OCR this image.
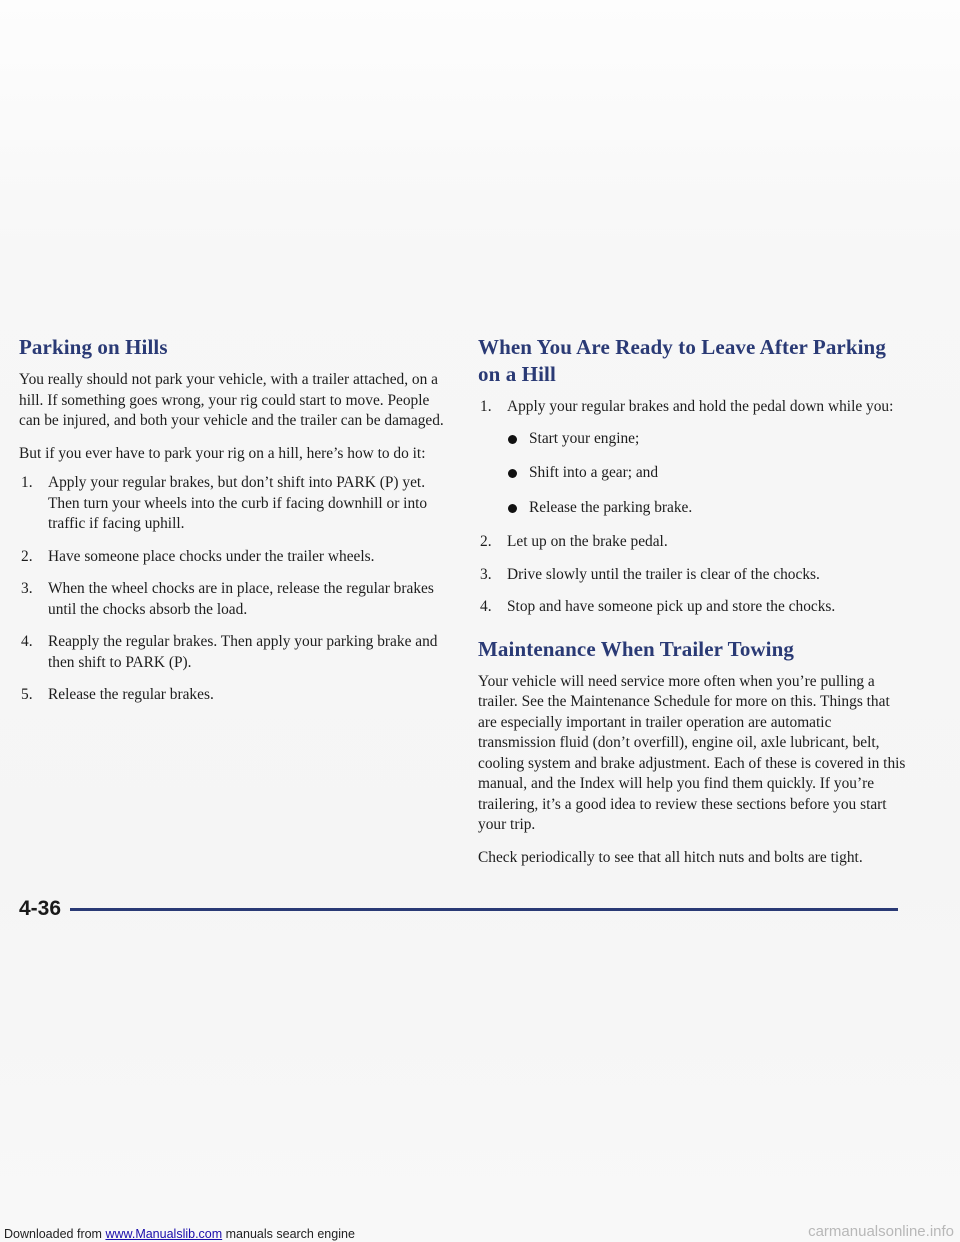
Parking on Hills

You really should not park your vehicle, with a trailer attached, on a hill. If something goes wrong, your rig could start to move. People can be injured, and both your vehicle and the trailer can be damaged.

But if you ever have to park your rig on a hill, here’s how to do it:

1. Apply your regular brakes, but don’t shift into PARK (P) yet. Then turn your wheels into the curb if facing downhill or into traffic if facing uphill.
2. Have someone place chocks under the trailer wheels.
3. When the wheel chocks are in place, release the regular brakes until the chocks absorb the load.
4. Reapply the regular brakes. Then apply your parking brake and then shift to PARK (P).
5. Release the regular brakes.
When You Are Ready to Leave After Parking on a Hill
1. Apply your regular brakes and hold the pedal down while you:
Start your engine;
Shift into a gear; and
Release the parking brake.
2. Let up on the brake pedal.
3. Drive slowly until the trailer is clear of the chocks.
4. Stop and have someone pick up and store the chocks.
Maintenance When Trailer Towing

Your vehicle will need service more often when you’re pulling a trailer. See the Maintenance Schedule for more on this. Things that are especially important in trailer operation are automatic transmission fluid (don’t overfill), engine oil, axle lubricant, belt, cooling system and brake adjustment. Each of these is covered in this manual, and the Index will help you find them quickly. If you’re trailering, it’s a good idea to review these sections before you start your trip.

Check periodically to see that all hitch nuts and bolts are tight.

4-36
Downloaded from www.Manualslib.com manuals search engine	carmanualsonline.info
